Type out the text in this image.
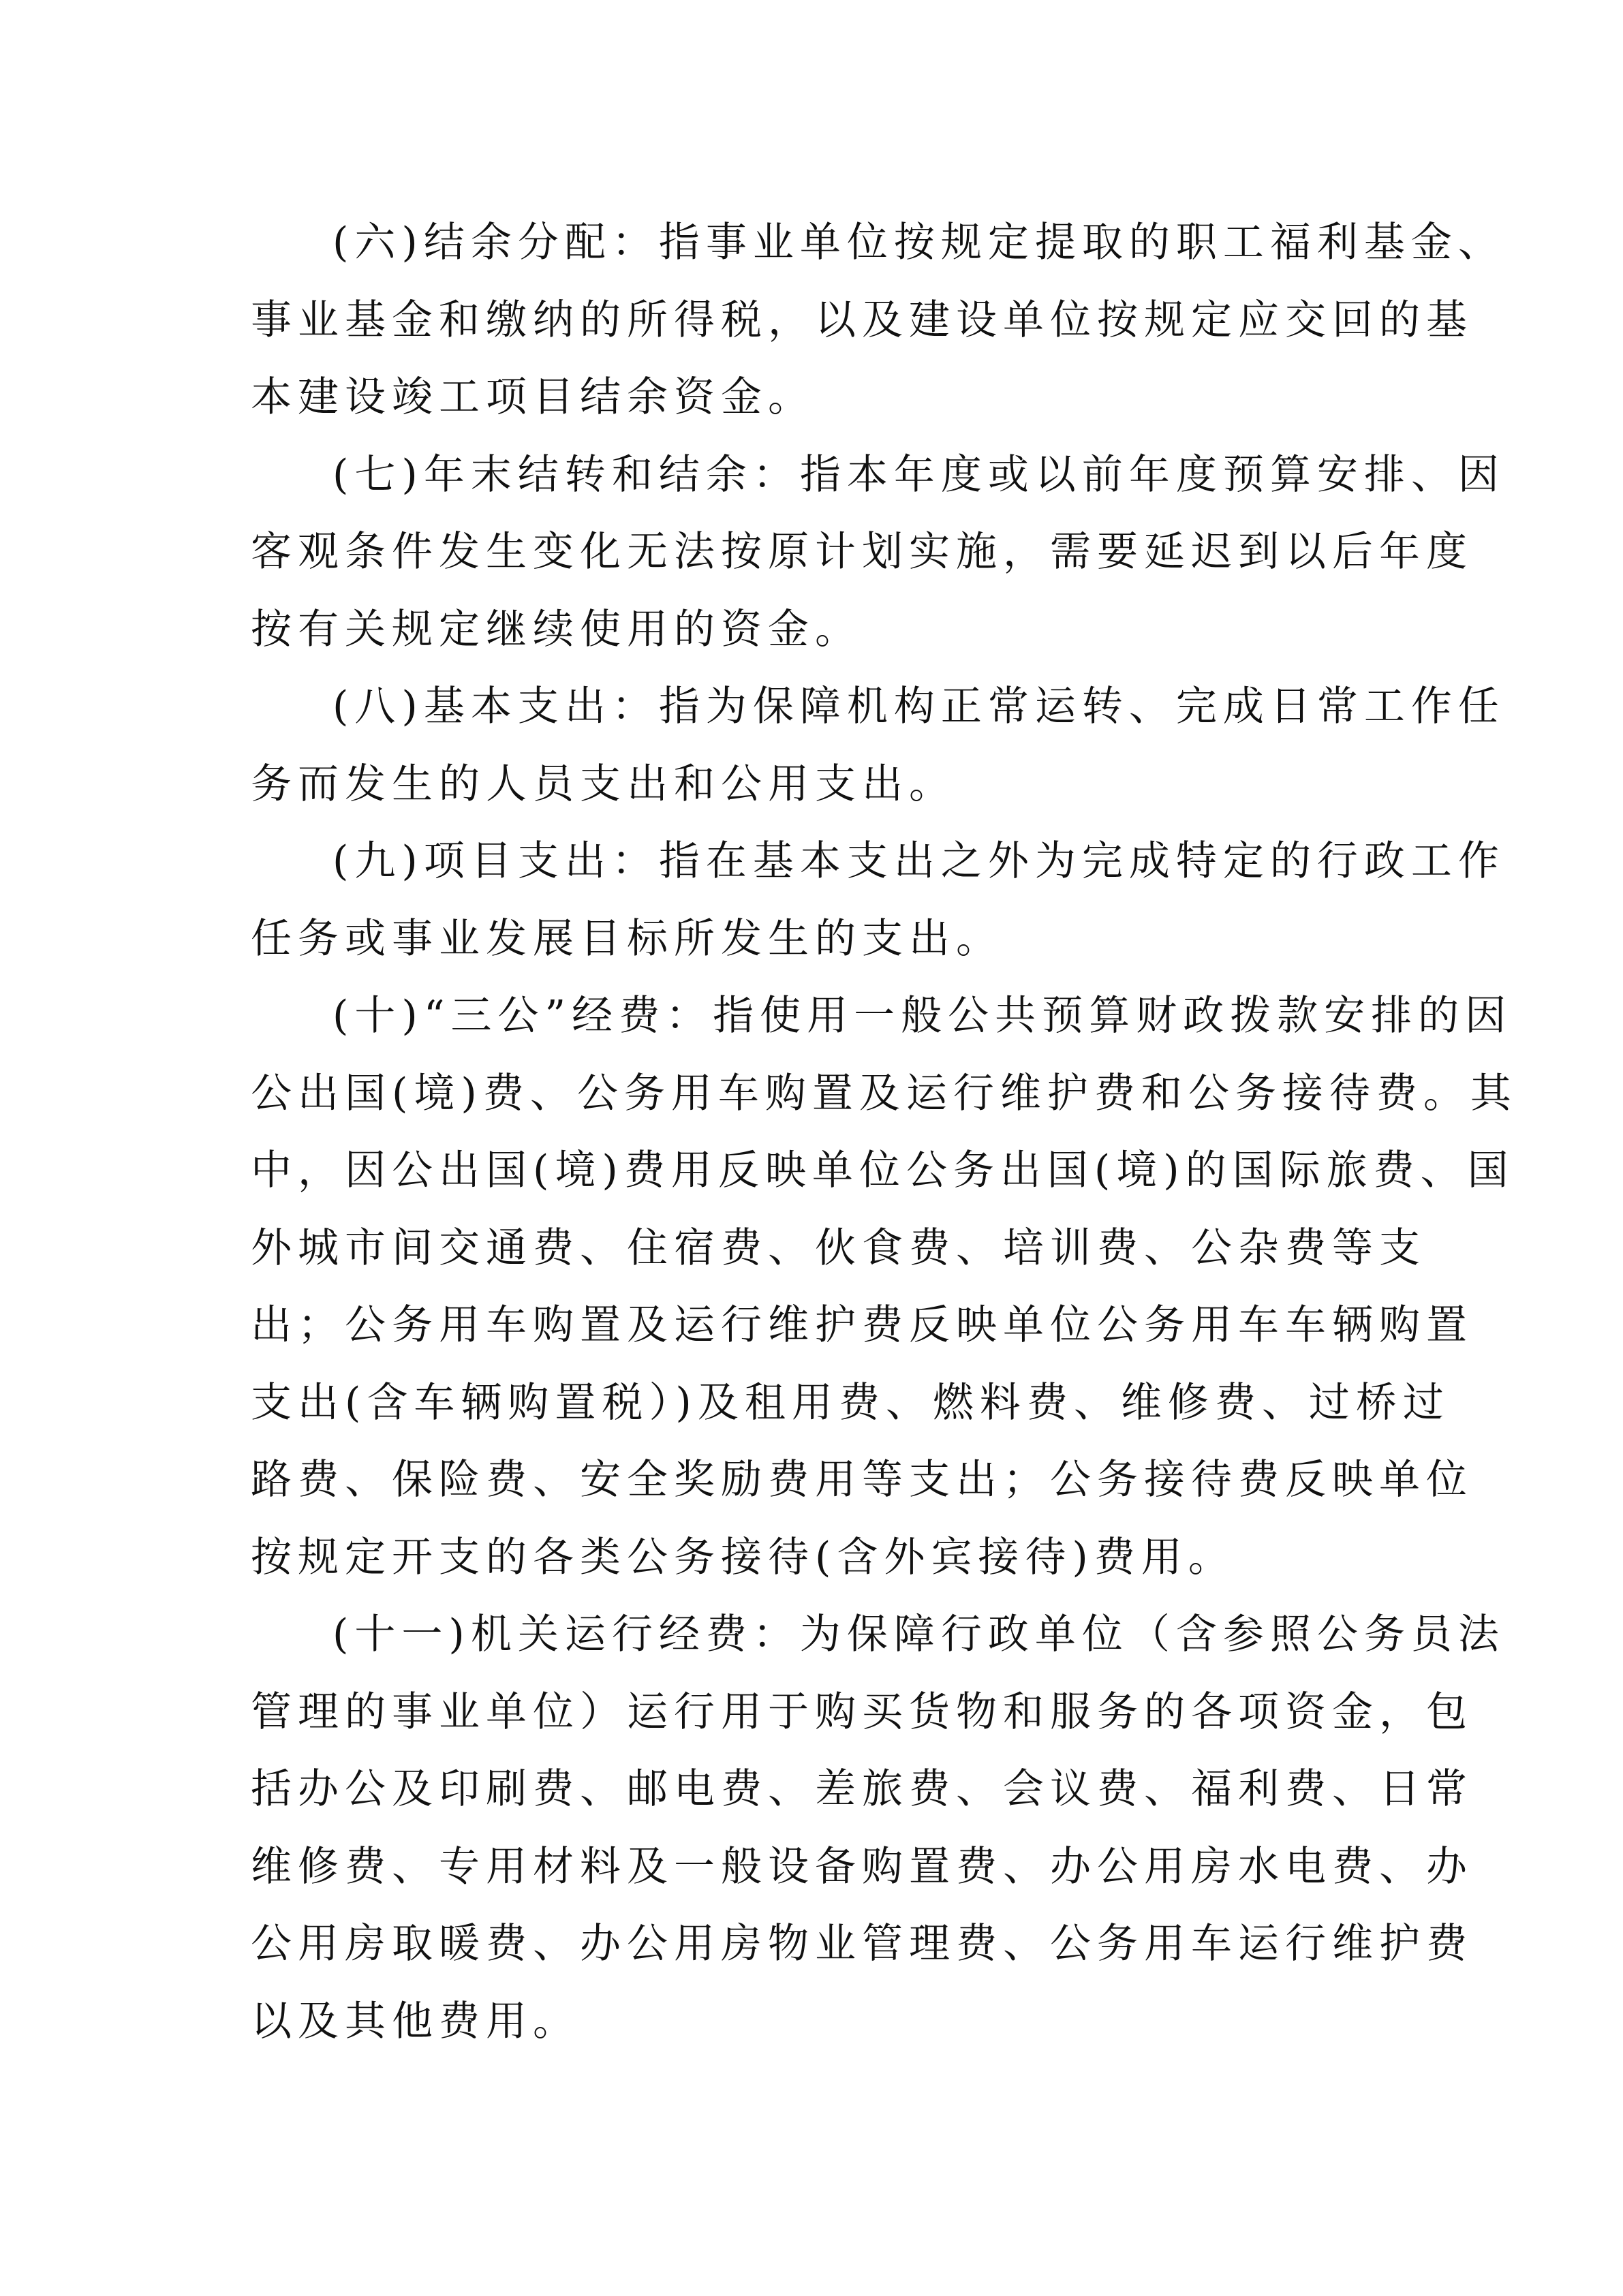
(六)结余分配：指事业单位按规定提取的职工福利基金、
事业基金和缴纳的所得税，以及建设单位按规定应交回的基
本建设竣工项目结余资金。
(七)年末结转和结余：指本年度或以前年度预算安排、因
客观条件发生变化无法按原计划实施，需要延迟到以后年度
按有关规定继续使用的资金。
(八)基本支出：指为保障机构正常运转、完成日常工作任
务而发生的人员支出和公用支出。
(九)项目支出：指在基本支出之外为完成特定的行政工作
任务或事业发展目标所发生的支出。
(十)“三公”经费：指使用一般公共预算财政拨款安排的因
公出国(境)费、公务用车购置及运行维护费和公务接待费。其
中，因公出国(境)费用反映单位公务出国(境)的国际旅费、国
外城市间交通费、住宿费、伙食费、培训费、公杂费等支
出；公务用车购置及运行维护费反映单位公务用车车辆购置
支出(含车辆购置税）)及租用费、燃料费、维修费、过桥过
路费、保险费、安全奖励费用等支出；公务接待费反映单位
按规定开支的各类公务接待(含外宾接待)费用。
(十一)机关运行经费：为保障行政单位（含参照公务员法
管理的事业单位）运行用于购买货物和服务的各项资金，包
括办公及印刷费、邮电费、差旅费、会议费、福利费、日常
维修费、专用材料及一般设备购置费、办公用房水电费、办
公用房取暖费、办公用房物业管理费、公务用车运行维护费
以及其他费用。
